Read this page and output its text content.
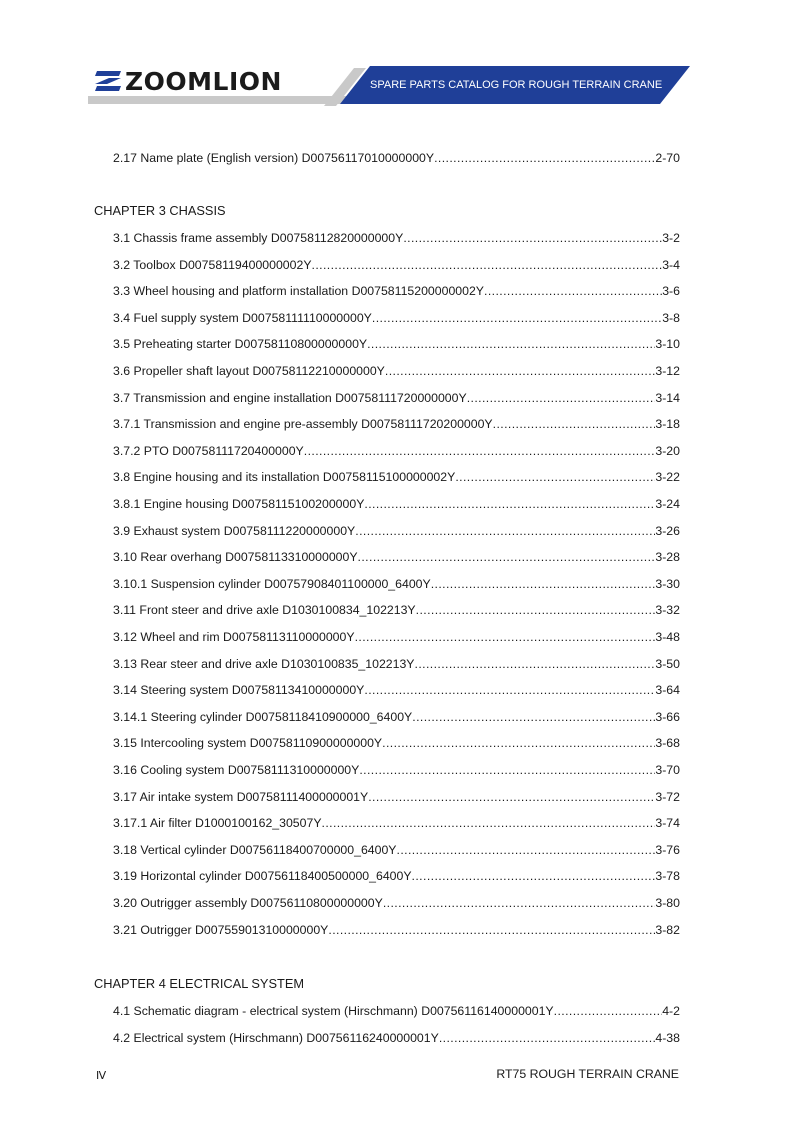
ZOOMLION	SPARE PARTS CATALOG FOR ROUGH TERRAIN CRANE
2.17 Name plate (English version) D00756117010000000Y .....	2-70
CHAPTER 3 CHASSIS
3.1 Chassis frame assembly D00758112820000000Y .....	3-2
3.2 Toolbox D00758119400000002Y .....	3-4
3.3 Wheel housing and platform installation D00758115200000002Y .....	3-6
3.4 Fuel supply system D00758111110000000Y .....	3-8
3.5 Preheating starter D00758110800000000Y .....	3-10
3.6 Propeller shaft layout D00758112210000000Y .....	3-12
3.7 Transmission and engine installation D00758111720000000Y .....	3-14
3.7.1 Transmission and engine pre-assembly D00758111720200000Y .....	3-18
3.7.2 PTO D00758111720400000Y .....	3-20
3.8 Engine housing and its installation D00758115100000002Y .....	3-22
3.8.1 Engine housing D00758115100200000Y .....	3-24
3.9 Exhaust system D00758111220000000Y .....	3-26
3.10 Rear overhang D00758113310000000Y .....	3-28
3.10.1 Suspension cylinder D00757908401100000_6400Y .....	3-30
3.11 Front steer and drive axle D1030100834_102213Y .....	3-32
3.12 Wheel and rim D00758113110000000Y .....	3-48
3.13 Rear steer and drive axle D1030100835_102213Y .....	3-50
3.14 Steering system D00758113410000000Y .....	3-64
3.14.1 Steering cylinder D00758118410900000_6400Y .....	3-66
3.15 Intercooling system D00758110900000000Y .....	3-68
3.16 Cooling system D00758111310000000Y .....	3-70
3.17 Air intake system D00758111400000001Y .....	3-72
3.17.1 Air filter D1000100162_30507Y .....	3-74
3.18 Vertical cylinder D00756118400700000_6400Y .....	3-76
3.19 Horizontal cylinder D00756118400500000_6400Y .....	3-78
3.20 Outrigger assembly D00756110800000000Y .....	3-80
3.21 Outrigger D00755901310000000Y .....	3-82
CHAPTER 4 ELECTRICAL SYSTEM
4.1 Schematic diagram - electrical system (Hirschmann) D00756116140000001Y .....	4-2
4.2 Electrical system (Hirschmann) D00756116240000001Y .....	4-38
Ⅳ	RT75 ROUGH TERRAIN CRANE
